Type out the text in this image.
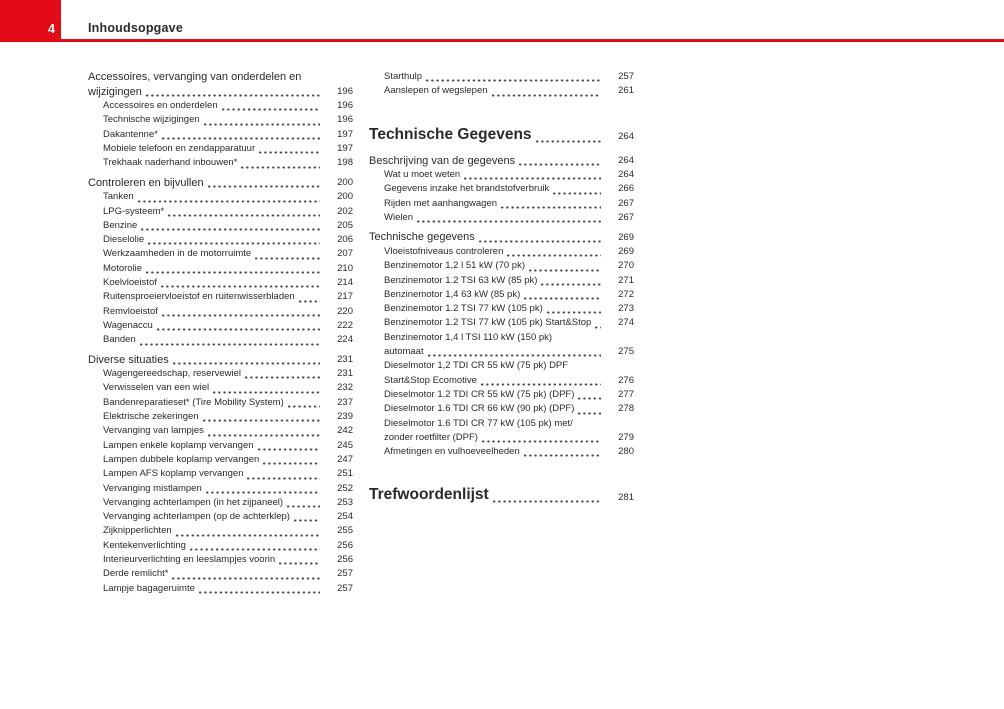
4	Inhoudsopgave
Accessoires, vervanging van onderdelen en
wijzigingen	196
Accessoires en onderdelen	196
Technische wijzigingen	196
Dakantenne*	197
Mobiele telefoon en zendapparatuur	197
Trekhaak naderhand inbouwen*	198
Controleren en bijvullen	200
Tanken	200
LPG-systeem*	202
Benzine	205
Dieselolie	206
Werkzaamheden in de motorruimte	207
Motorolie	210
Koelvloeistof	214
Ruitensproeiervloeistof en ruitenwisserbladen	217
Remvloeistof	220
Wagenaccu	222
Banden	224
Diverse situaties	231
Wagengereedschap, reservewiel	231
Verwisselen van een wiel	232
Bandenreparatieset* (Tire Mobility System)	237
Elektrische zekeringen	239
Vervanging van lampjes	242
Lampen enkele koplamp vervangen	245
Lampen dubbele koplamp vervangen	247
Lampen AFS koplamp vervangen	251
Vervanging mistlampen	252
Vervanging achterlampen (in het zijpaneel)	253
Vervanging achterlampen (op de achterklep)	254
Zijknipperlichten	255
Kentekenverlichting	256
Interieurverlichting en leeslampjes voorin	256
Derde remlicht*	257
Lampje bagageruimte	257
Starthulp	257
Aanslepen of wegslepen	261
Technische Gegevens	264
Beschrijving van de gegevens	264
Wat u moet weten	264
Gegevens inzake het brandstofverbruik	266
Rijden met aanhangwagen	267
Wielen	267
Technische gegevens	269
Vloeistofniveaus controleren	269
Benzinemotor 1,2 l 51 kW (70 pk)	270
Benzinemotor 1.2 TSI 63 kW (85 pk)	271
Benzinemotor 1,4 63 kW (85 pk)	272
Benzinemotor 1.2 TSI 77 kW (105 pk)	273
Benzinemotor 1.2 TSI 77 kW (105 pk) Start&Stop	274
Benzinemotor 1,4 l TSI 110 kW (150 pk)
automaat	275
Dieselmotor 1,2 TDI CR 55 kW (75 pk) DPF
Start&Stop Ecomotive	276
Dieselmotor 1.2 TDI CR 55 kW (75 pk) (DPF)	277
Dieselmotor 1.6 TDI CR 66 kW (90 pk) (DPF)	278
Dieselmotor 1.6 TDI CR 77 kW (105 pk) met/
zonder roetfilter (DPF)	279
Afmetingen en vulhoeveelheden	280
Trefwoordenlijst	281
